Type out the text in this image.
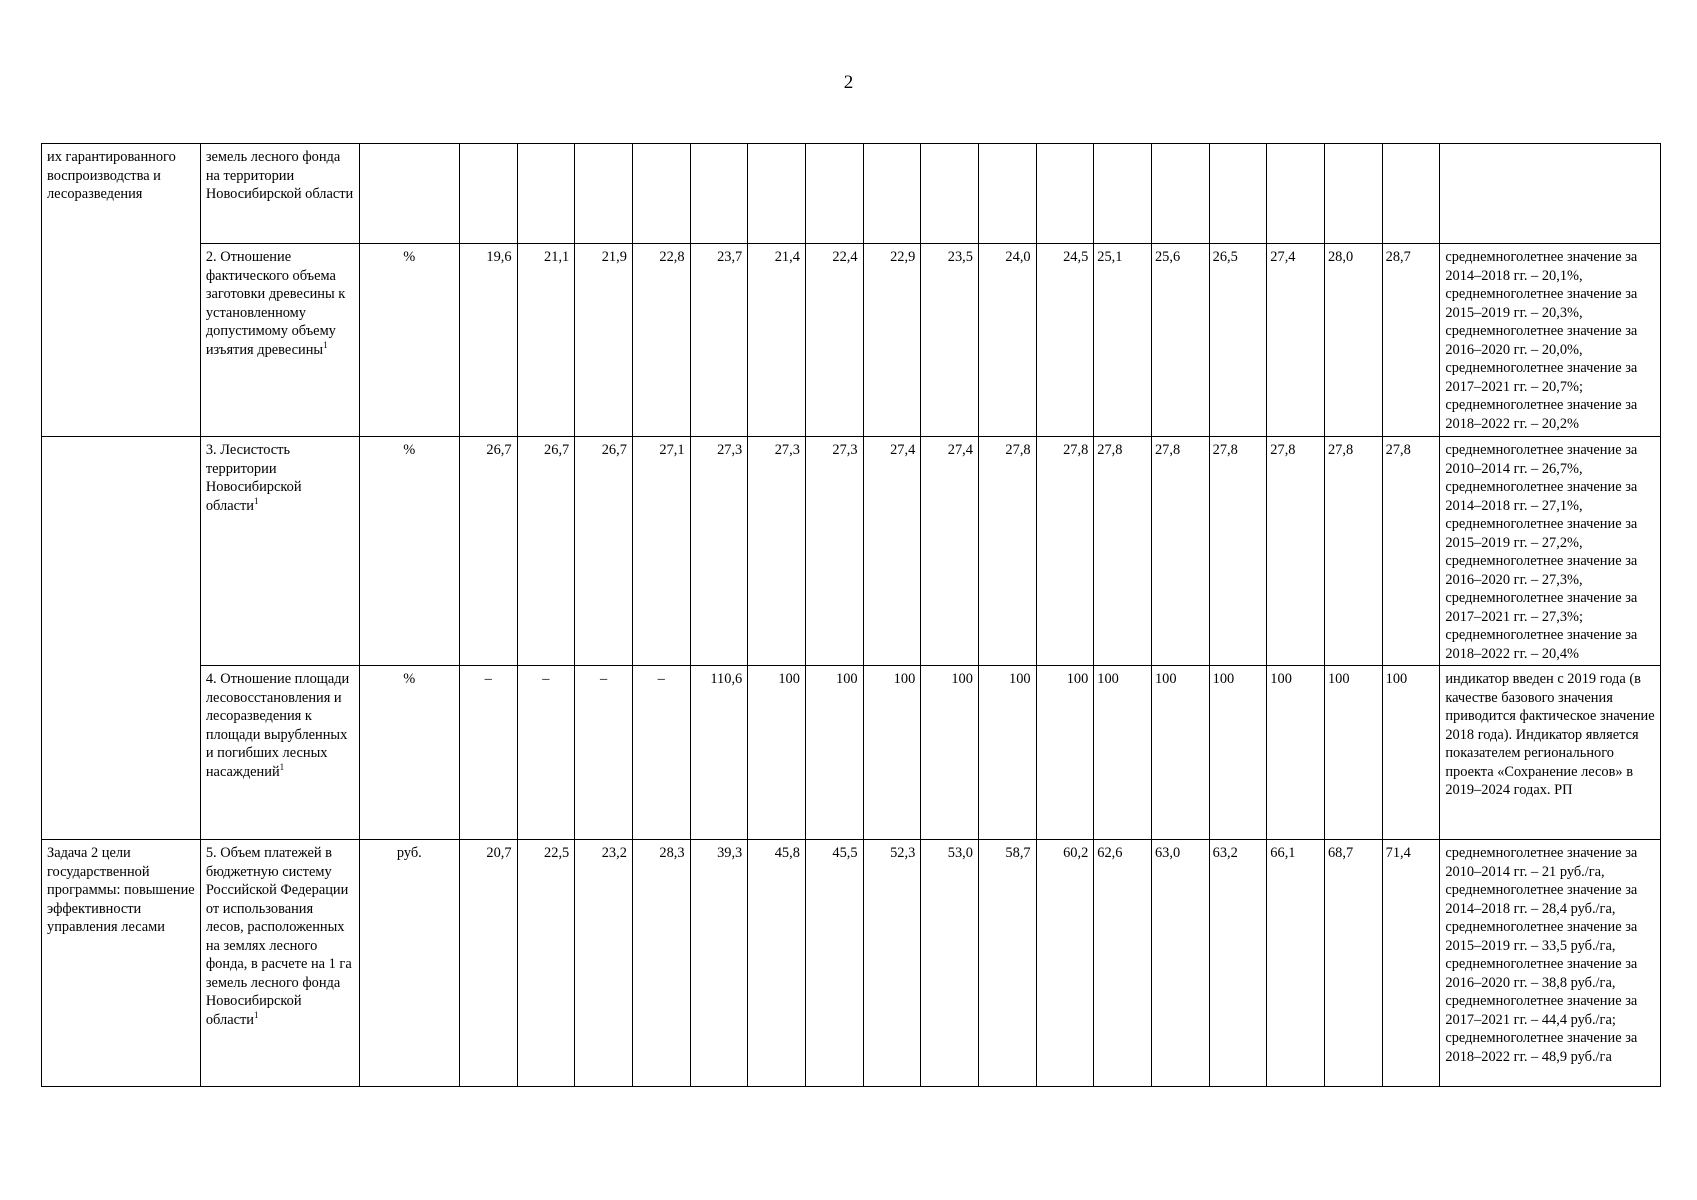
2
их гарантированного воспроизводства и лесоразведения	земель лесного фонда на территории Новосибирской области																			
	2. Отношение фактического объема заготовки древесины к установленному допустимому объему изъятия древесины$^1$	%	19,6	21,1	21,9	22,8	23,7	21,4	22,4	22,9	23,5	24,0	24,5	25,1	25,6	26,5	27,4	28,0	28,7	среднемноголетнее значение за 2014–2018 гг. – 20,1%, среднемноголетнее значение за 2015–2019 гг. – 20,3%, среднемноголетнее значение за 2016–2020 гг. – 20,0%, среднемноголетнее значение за 2017–2021 гг. – 20,7%; среднемноголетнее значение за 2018–2022 гг. – 20,2%
	3. Лесистость территории Новосибирской области$^1$	%	26,7	26,7	26,7	27,1	27,3	27,3	27,3	27,4	27,4	27,8	27,8	27,8	27,8	27,8	27,8	27,8	27,8	среднемноголетнее значение за 2010–2014 гг. – 26,7%, среднемноголетнее значение за 2014–2018 гг. – 27,1%, среднемноголетнее значение за 2015–2019 гг. – 27,2%, среднемноголетнее значение за 2016–2020 гг. – 27,3%, среднемноголетнее значение за 2017–2021 гг. – 27,3%; среднемноголетнее значение за 2018–2022 гг. – 20,4%
	4. Отношение площади лесовосстановления и лесоразведения к площади вырубленных и погибших лесных насаждений$^1$	%	–	–	–	–	110,6	100	100	100	100	100	100	100	100	100	100	100	100	индикатор введен с 2019 года (в качестве базового значения приводится фактическое значение 2018 года). Индикатор является показателем регионального проекта «Сохранение лесов» в 2019–2024 годах. РП
Задача 2 цели государственной программы: повышение эффективности управления лесами	5. Объем платежей в бюджетную систему Российской Федерации от использования лесов, расположенных на землях лесного фонда, в расчете на 1 га земель лесного фонда Новосибирской области$^1$	руб.	20,7	22,5	23,2	28,3	39,3	45,8	45,5	52,3	53,0	58,7	60,2	62,6	63,0	63,2	66,1	68,7	71,4	среднемноголетнее значение за 2010–2014 гг. – 21 руб./га, среднемноголетнее значение за 2014–2018 гг. – 28,4 руб./га, среднемноголетнее значение за 2015–2019 гг. – 33,5 руб./га, среднемноголетнее значение за 2016–2020 гг. – 38,8 руб./га, среднемноголетнее значение за 2017–2021 гг. – 44,4 руб./га; среднемноголетнее значение за 2018–2022 гг. – 48,9 руб./га
